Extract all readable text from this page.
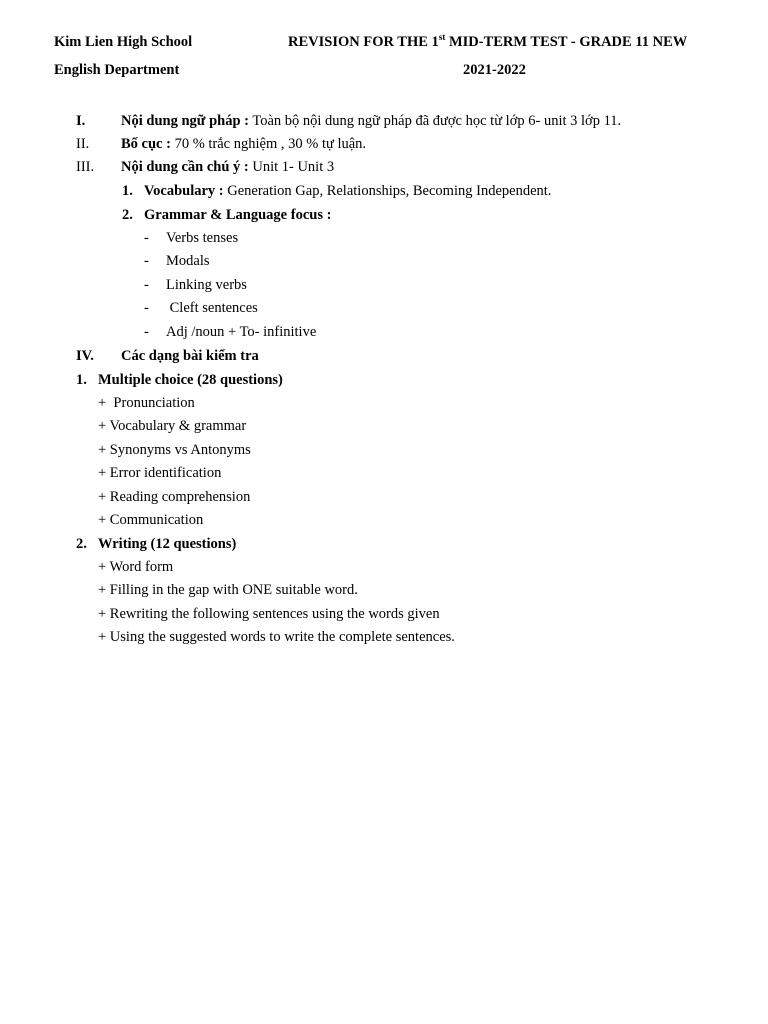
Kim Lien High School
English Department
REVISION FOR THE 1st MID-TERM TEST - GRADE 11 NEW
2021-2022
I. Nội dung ngữ pháp : Toàn bộ nội dung ngữ pháp đã được học từ lớp 6- unit 3 lớp 11.
II. Bố cục : 70 % trắc nghiệm , 30 % tự luận.
III. Nội dung cần chú ý : Unit 1- Unit 3
1. Vocabulary : Generation Gap, Relationships, Becoming Independent.
2. Grammar & Language focus :
- Verbs tenses
- Modals
- Linking verbs
- Cleft sentences
- Adj /noun + To- infinitive
IV. Các dạng bài kiểm tra
1. Multiple choice (28 questions)
+  Pronunciation
+ Vocabulary & grammar
+ Synonyms vs Antonyms
+ Error identification
+ Reading comprehension
+ Communication
2. Writing (12 questions)
+ Word form
+ Filling in the gap with ONE suitable word.
+ Rewriting the following sentences using the words given
+ Using the suggested words to write the complete sentences.
